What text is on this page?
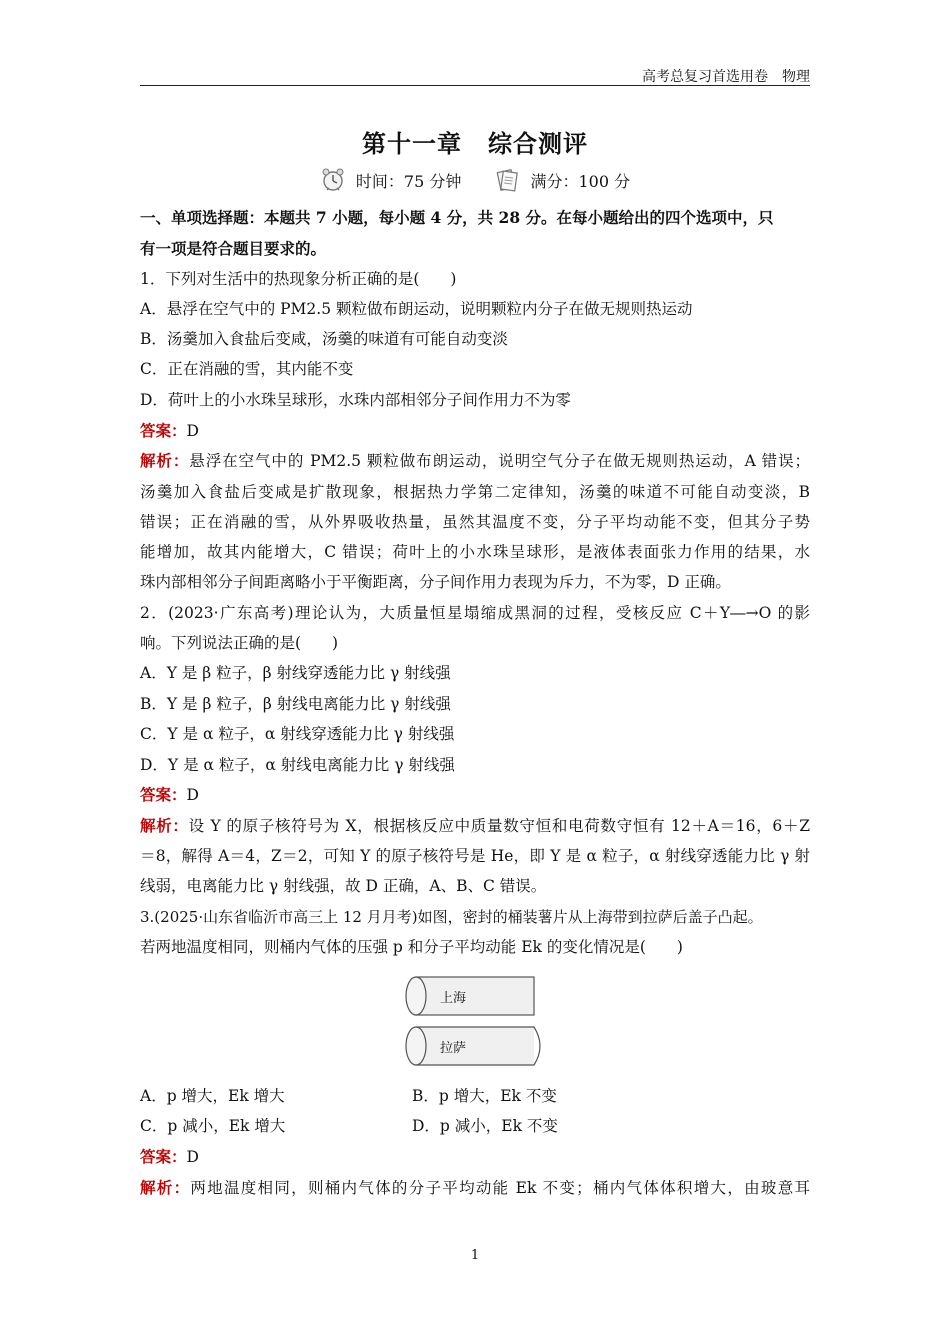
高考总复习首选用卷　物理
第十一章 综合测评
时间：75 分钟
	满分：100 分
一、单项选择题：本题共 7 小题，每小题 4 分，共 28 分。在每小题给出的四个选项中，只
有一项是符合题目要求的。
1．下列对生活中的热现象分析正确的是(　　)
A．悬浮在空气中的 PM2.5 颗粒做布朗运动，说明颗粒内分子在做无规则热运动
B．汤羹加入食盐后变咸，汤羹的味道有可能自动变淡
C．正在消融的雪，其内能不变
D．荷叶上的小水珠呈球形，水珠内部相邻分子间作用力不为零
答案：D
解析：悬浮在空气中的 PM2.5 颗粒做布朗运动，说明空气分子在做无规则热运动，A 错误；
汤羹加入食盐后变咸是扩散现象，根据热力学第二定律知，汤羹的味道不可能自动变淡，B
错误；正在消融的雪，从外界吸收热量，虽然其温度不变，分子平均动能不变，但其分子势
能增加，故其内能增大，C 错误；荷叶上的小水珠呈球形，是液体表面张力作用的结果，水
珠内部相邻分子间距离略小于平衡距离，分子间作用力表现为斥力，不为零，D 正确。
2．(2023·广东高考)理论认为，大质量恒星塌缩成黑洞的过程，受核反应 C＋Y―→O 的影
响。下列说法正确的是(　　)
A．Y 是 β 粒子，β 射线穿透能力比 γ 射线强
B．Y 是 β 粒子，β 射线电离能力比 γ 射线强
C．Y 是 α 粒子，α 射线穿透能力比 γ 射线强
D．Y 是 α 粒子，α 射线电离能力比 γ 射线强
答案：D
解析：设 Y 的原子核符号为 X，根据核反应中质量数守恒和电荷数守恒有 12＋A＝16，6＋Z
＝8，解得 A＝4，Z＝2，可知 Y 的原子核符号是 He，即 Y 是 α 粒子，α 射线穿透能力比 γ 射
线弱，电离能力比 γ 射线强，故 D 正确，A、B、C 错误。
3.(2025·山东省临沂市高三上 12 月月考)如图，密封的桶装薯片从上海带到拉萨后盖子凸起。
若两地温度相同，则桶内气体的压强 p 和分子平均动能 Ek 的变化情况是(　　)
上海
拉萨
A．p 增大，Ek 增大	B．p 增大，Ek 不变
C．p 减小，Ek 增大	D．p 减小，Ek 不变
答案：D
解析：两地温度相同，则桶内气体的分子平均动能 Ek 不变；桶内气体体积增大，由玻意耳
1
